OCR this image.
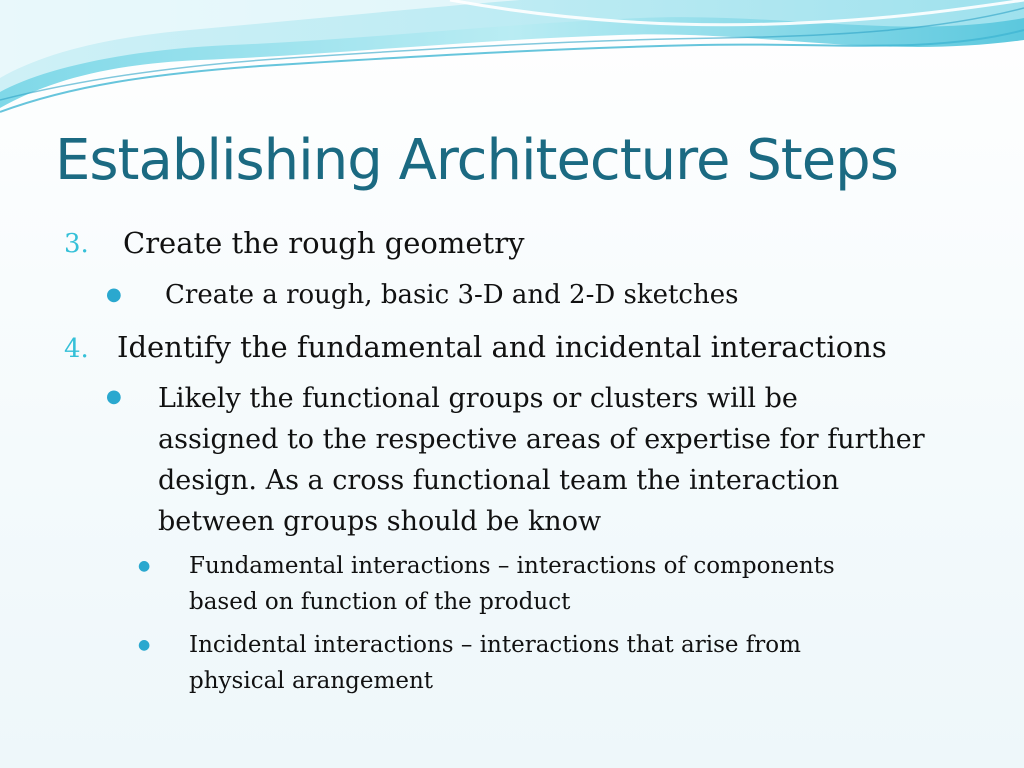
Establishing Architecture Steps
3. Create the rough geometry
● Create a rough, basic 3-D and 2-D sketches
4. Identify the fundamental and incidental interactions
● Likely the functional groups or clusters will be
assigned to the respective areas of expertise for further
design. As a cross functional team the interaction
between groups should be know
● Fundamental interactions – interactions of components
based on function of the product
● Incidental interactions – interactions that arise from
physical arangement
